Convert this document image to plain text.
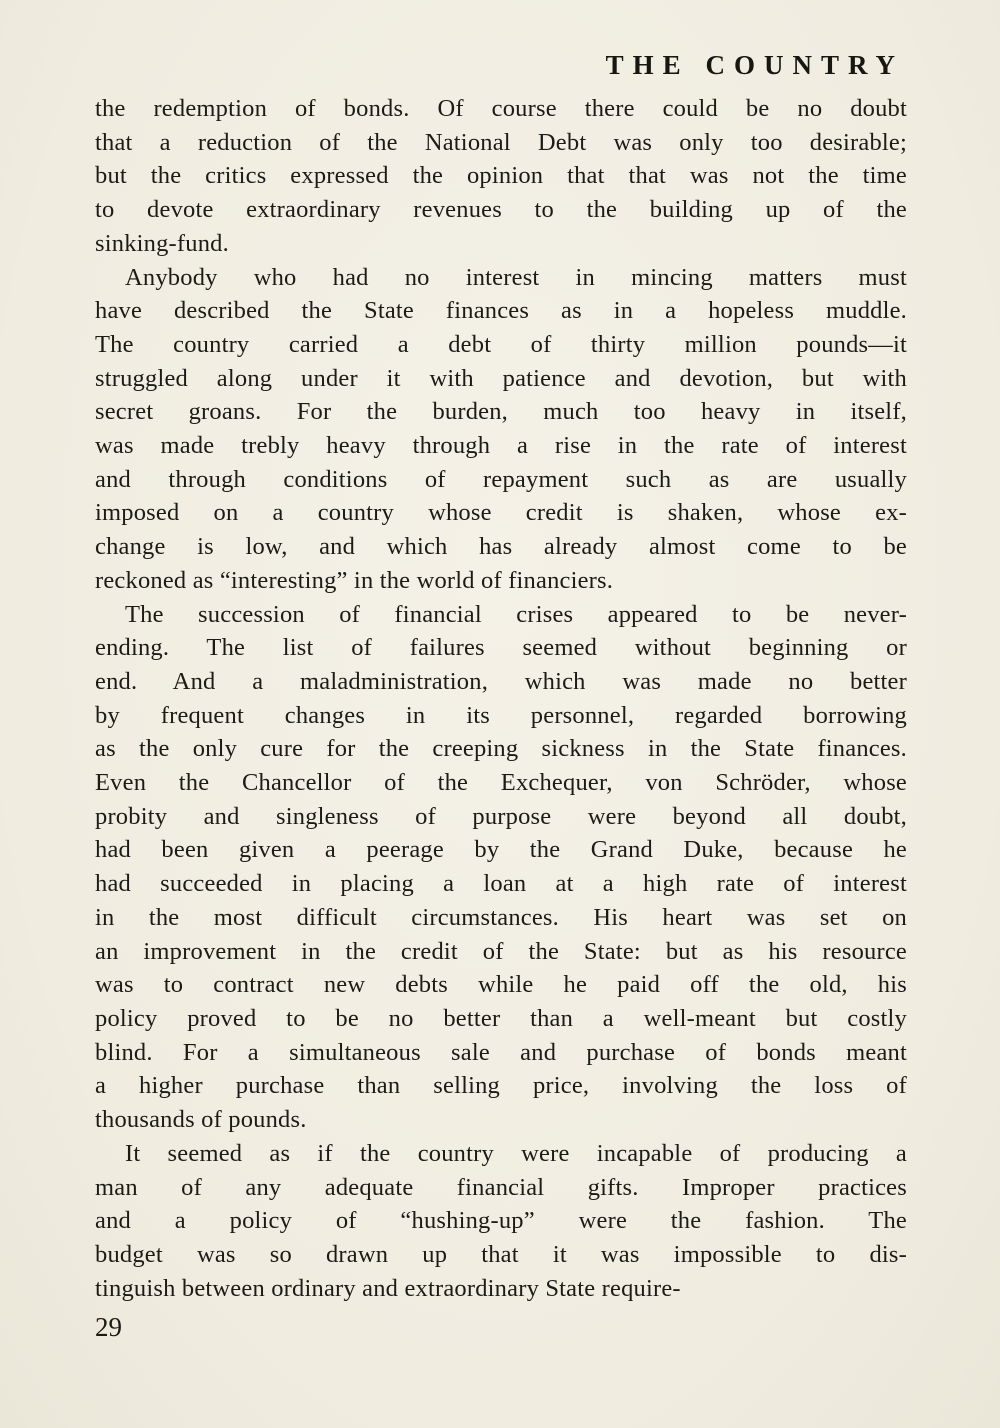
THE COUNTRY
the redemption of bonds. Of course there could be no doubt
that a reduction of the National Debt was only too desirable;
but the critics expressed the opinion that that was not the time
to devote extraordinary revenues to the building up of the
sinking-fund.
Anybody who had no interest in mincing matters must
have described the State finances as in a hopeless muddle.
The country carried a debt of thirty million pounds—it
struggled along under it with patience and devotion, but with
secret groans. For the burden, much too heavy in itself,
was made trebly heavy through a rise in the rate of interest
and through conditions of repayment such as are usually
imposed on a country whose credit is shaken, whose ex-
change is low, and which has already almost come to be
reckoned as “interesting” in the world of financiers.
The succession of financial crises appeared to be never-
ending. The list of failures seemed without beginning or
end. And a maladministration, which was made no better
by frequent changes in its personnel, regarded borrowing
as the only cure for the creeping sickness in the State finances.
Even the Chancellor of the Exchequer, von Schröder, whose
probity and singleness of purpose were beyond all doubt,
had been given a peerage by the Grand Duke, because he
had succeeded in placing a loan at a high rate of interest
in the most difficult circumstances. His heart was set on
an improvement in the credit of the State: but as his resource
was to contract new debts while he paid off the old, his
policy proved to be no better than a well-meant but costly
blind. For a simultaneous sale and purchase of bonds meant
a higher purchase than selling price, involving the loss of
thousands of pounds.
It seemed as if the country were incapable of producing a
man of any adequate financial gifts. Improper practices
and a policy of “hushing-up” were the fashion. The
budget was so drawn up that it was impossible to dis-
tinguish between ordinary and extraordinary State require-
29
